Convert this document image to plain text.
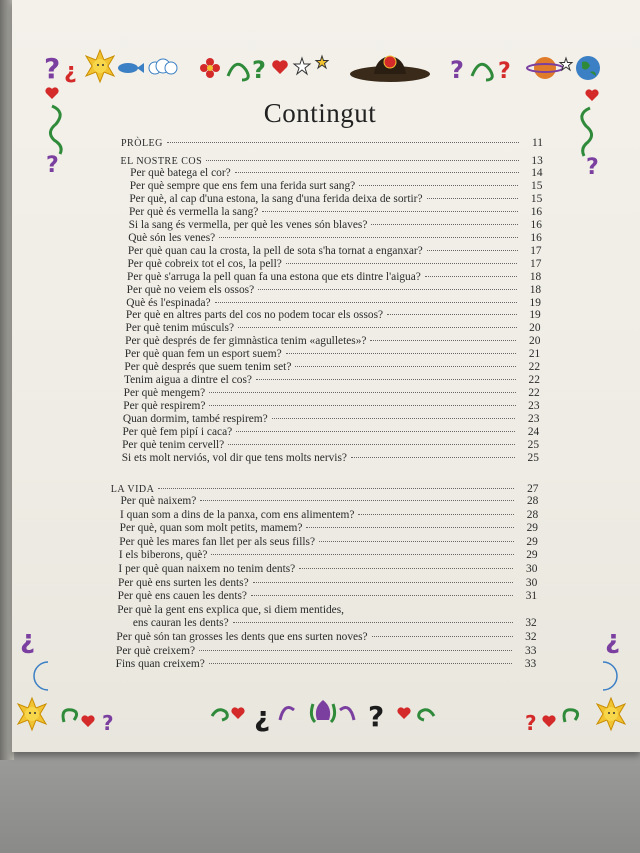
? ¿	?	? ?
?	?
¿
?
¿
?
¿	?
Contingut
PRÒLEG	11
EL NOSTRE COS	13
Per què batega el cor?	14
Per què sempre que ens fem una ferida surt sang?	15
Per què, al cap d'una estona, la sang d'una ferida deixa de sortir?	15
Per què és vermella la sang?	16
Si la sang és vermella, per què les venes són blaves?	16
Què són les venes?	16
Per què quan cau la crosta, la pell de sota s'ha tornat a enganxar?	17
Per què cobreix tot el cos, la pell?	17
Per què s'arruga la pell quan fa una estona que ets dintre l'aigua?	18
Per què no veiem els ossos?	18
Què és l'espinada?	19
Per què en altres parts del cos no podem tocar els ossos?	19
Per què tenim músculs?	20
Per què després de fer gimnàstica tenim «agulletes»?	20
Per què quan fem un esport suem?	21
Per què després que suem tenim set?	22
Tenim aigua a dintre el cos?	22
Per què mengem?	22
Per què respirem?	23
Quan dormim, també respirem?	23
Per què fem pipí i caca?	24
Per què tenim cervell?	25
Si ets molt nerviós, vol dir que tens molts nervis?	25
LA VIDA	27
Per què naixem?	28
I quan som a dins de la panxa, com ens alimentem?	28
Per què, quan som molt petits, mamem?	29
Per què les mares fan llet per als seus fills?	29
I els biberons, què?	29
I per què quan naixem no tenim dents?	30
Per què ens surten les dents?	30
Per què ens cauen les dents?	31
Per què la gent ens explica que, si diem mentides,
ens cauran les dents?	32
Per què són tan grosses les dents que ens surten noves?	32
Per què creixem?	33
Fins quan creixem?	33
